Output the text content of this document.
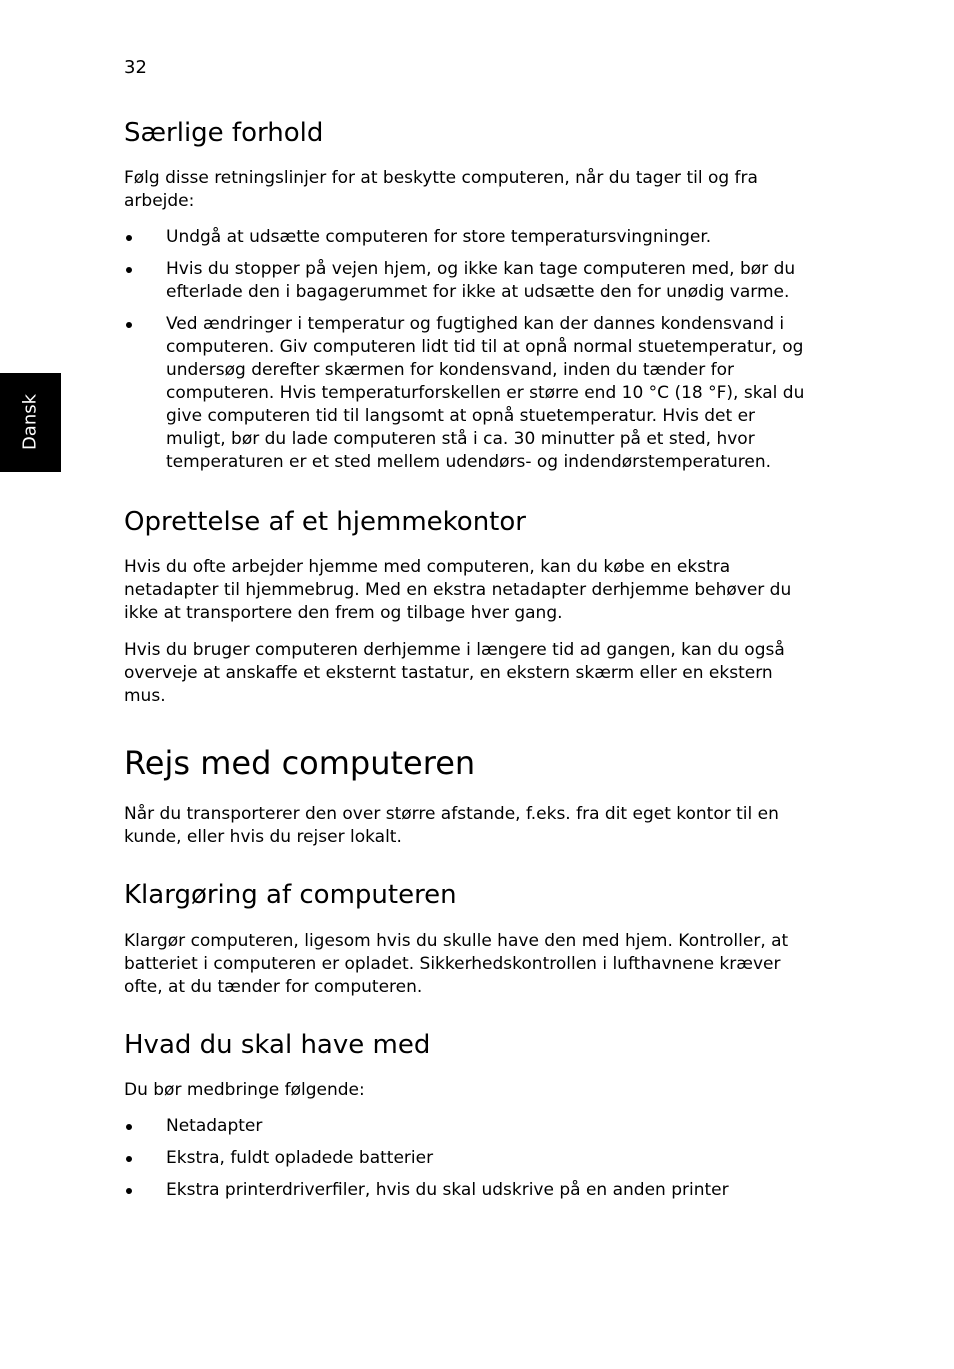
32
Dansk
Særlige forhold

Følg disse retningslinjer for at beskytte computeren, når du tager til og fra arbejde:

Undgå at udsætte computeren for store temperatursvingninger.
Hvis du stopper på vejen hjem, og ikke kan tage computeren med, bør du efterlade den i bagagerummet for ikke at udsætte den for unødig varme.
Ved ændringer i temperatur og fugtighed kan der dannes kondensvand i computeren. Giv computeren lidt tid til at opnå normal stuetemperatur, og undersøg derefter skærmen for kondensvand, inden du tænder for computeren. Hvis temperaturforskellen er større end 10 °C (18 °F), skal du give computeren tid til langsomt at opnå stuetemperatur. Hvis det er muligt, bør du lade computeren stå i ca. 30 minutter på et sted, hvor temperaturen er et sted mellem udendørs- og indendørstemperaturen.
Oprettelse af et hjemmekontor

Hvis du ofte arbejder hjemme med computeren, kan du købe en ekstra netadapter til hjemmebrug. Med en ekstra netadapter derhjemme behøver du ikke at transportere den frem og tilbage hver gang.

Hvis du bruger computeren derhjemme i længere tid ad gangen, kan du også overveje at anskaffe et eksternt tastatur, en ekstern skærm eller en ekstern mus.

Rejs med computeren

Når du transporterer den over større afstande, f.eks. fra dit eget kontor til en kunde, eller hvis du rejser lokalt.

Klargøring af computeren

Klargør computeren, ligesom hvis du skulle have den med hjem. Kontroller, at batteriet i computeren er opladet. Sikkerhedskontrollen i lufthavnene kræver ofte, at du tænder for computeren.

Hvad du skal have med

Du bør medbringe følgende:

Netadapter
Ekstra, fuldt opladede batterier
Ekstra printerdriverfiler, hvis du skal udskrive på en anden printer
